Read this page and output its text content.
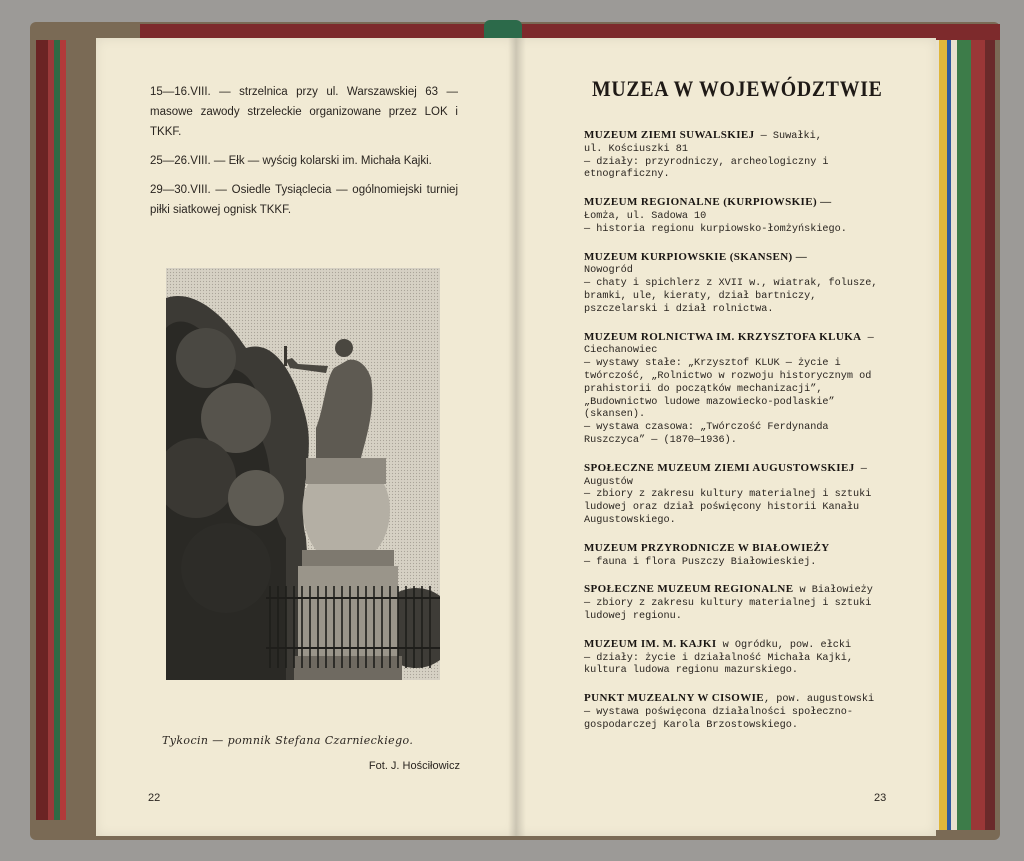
15—16.VIII. — strzelnica przy ul. Warszawskiej 63 — masowe zawody strzeleckie organizowane przez LOK i TKKF.

25—26.VIII. — Ełk — wyścig kolarski im. Michała Kajki.

29—30.VIII. — Osiedle Tysiąclecia — ogólnomiejski turniej piłki siatkowej ognisk TKKF.

Tykocin — pomnik Stefana Czarnieckiego.
Fot. J. Hościłowicz
22
MUZEA W WOJEWÓDZTWIE
MUZEUM ZIEMI SUWALSKIEJ — Suwałki,
ul. Kościuszki 81
— działy: przyrodniczy, archeologiczny i etnograficzny.
MUZEUM REGIONALNE (KURPIOWSKIE) —
Łomża, ul. Sadowa 10
— historia regionu kurpiowsko-łomżyńskiego.
MUZEUM KURPIOWSKIE (SKANSEN) —
Nowogród
— chaty i spichlerz z XVII w., wiatrak, folusze, bramki, ule, kieraty, dział bartniczy, pszczelarski i dział rolnictwa.
MUZEUM ROLNICTWA IM. KRZYSZTOFA KLUKA — Ciechanowiec
— wystawy stałe: „Krzysztof KLUK — życie i twórczość, „Rolnictwo w rozwoju historycznym od prahistorii do początków mechanizacji”, „Budownictwo ludowe mazowiecko-podlaskie” (skansen).
— wystawa czasowa: „Twórczość Ferdynanda Ruszczyca” — (1870—1936).
SPOŁECZNE MUZEUM ZIEMI AUGUSTOWSKIEJ — Augustów
— zbiory z zakresu kultury materialnej i sztuki ludowej oraz dział poświęcony historii Kanału Augustowskiego.
MUZEUM PRZYRODNICZE W BIAŁOWIEŻY
— fauna i flora Puszczy Białowieskiej.
SPOŁECZNE MUZEUM REGIONALNE w Białowieży
— zbiory z zakresu kultury materialnej i sztuki ludowej regionu.
MUZEUM IM. M. KAJKI w Ogródku, pow. ełcki
— działy: życie i działalność Michała Kajki, kultura ludowa regionu mazurskiego.
PUNKT MUZEALNY W CISOWIE, pow. augustowski
— wystawa poświęcona działalności społeczno-gospodarczej Karola Brzostowskiego.
23
